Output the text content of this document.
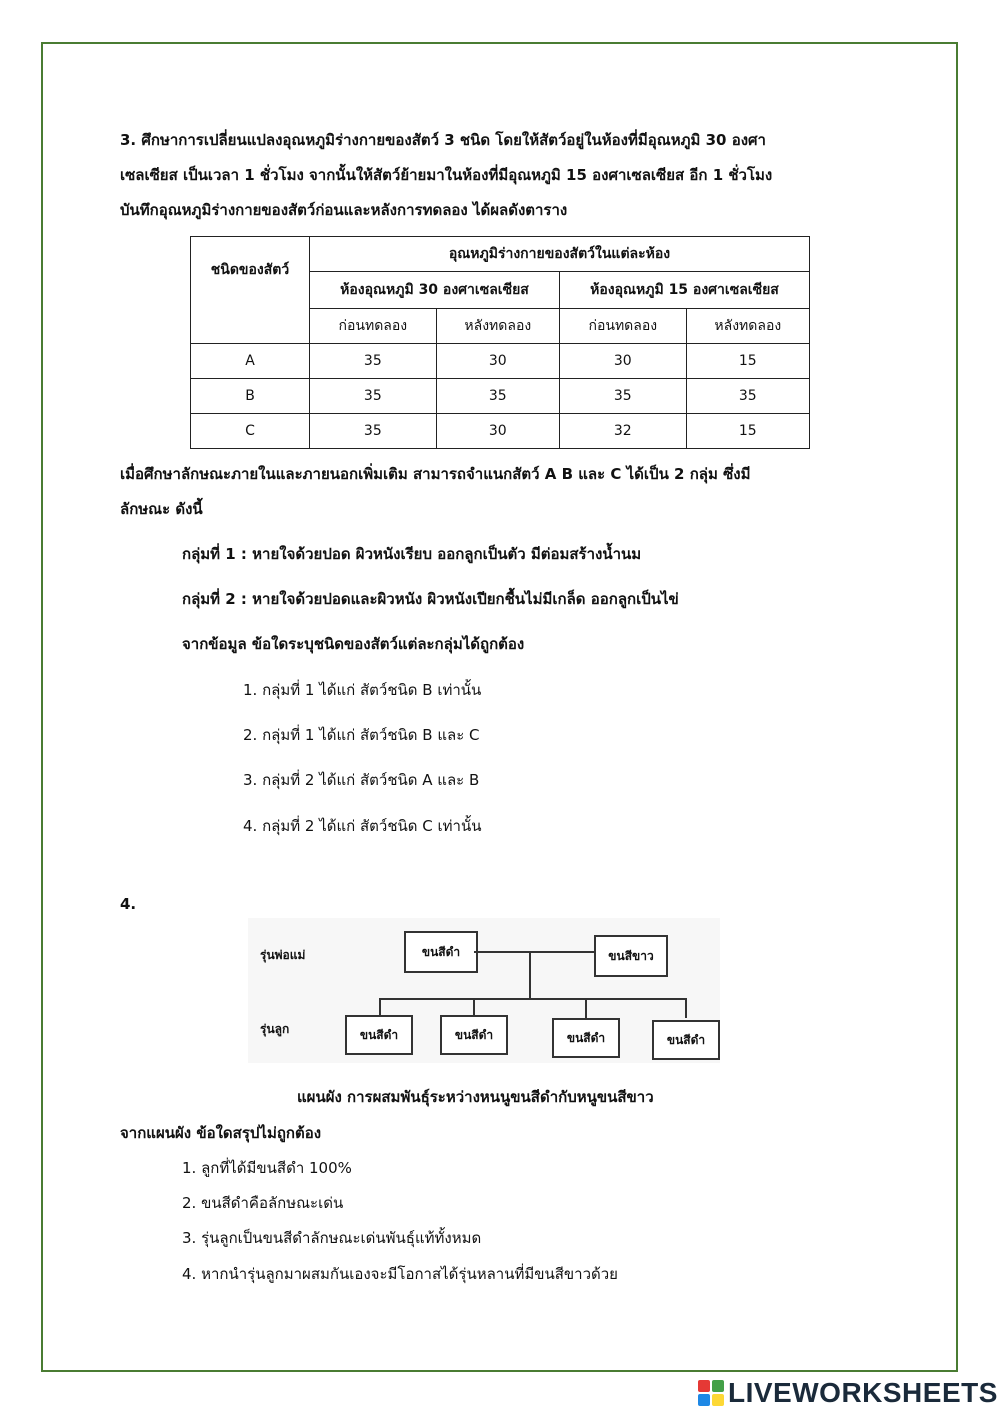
3. ศึกษาการเปลี่ยนแปลงอุณหภูมิร่างกายของสัตว์ 3 ชนิด โดยให้สัตว์อยู่ในห้องที่มีอุณหภูมิ 30 องศา
เซลเซียส เป็นเวลา 1 ชั่วโมง จากนั้นให้สัตว์ย้ายมาในห้องที่มีอุณหภูมิ 15 องศาเซลเซียส อีก 1 ชั่วโมง
บันทึกอุณหภูมิร่างกายของสัตว์ก่อนและหลังการทดลอง ได้ผลดังตาราง
ชนิดของสัตว์	อุณหภูมิร่างกายของสัตว์ในแต่ละห้อง			
	ห้องอุณหภูมิ 30 องศาเซลเซียส		ห้องอุณหภูมิ 15 องศาเซลเซียส	
	ก่อนทดลอง	หลังทดลอง	ก่อนทดลอง	หลังทดลอง
A	35	30	30	15
B	35	35	35	35
C	35	30	32	15
เมื่อศึกษาลักษณะภายในและภายนอกเพิ่มเติม สามารถจำแนกสัตว์ A B และ C ได้เป็น 2 กลุ่ม ซึ่งมี
ลักษณะ ดังนี้
กลุ่มที่ 1 : หายใจด้วยปอด ผิวหนังเรียบ ออกลูกเป็นตัว มีต่อมสร้างน้ำนม
กลุ่มที่ 2 : หายใจด้วยปอดและผิวหนัง ผิวหนังเปียกชื้นไม่มีเกล็ด ออกลูกเป็นไข่
จากข้อมูล ข้อใดระบุชนิดของสัตว์แต่ละกลุ่มได้ถูกต้อง
1. กลุ่มที่ 1 ได้แก่ สัตว์ชนิด B เท่านั้น
2. กลุ่มที่ 1 ได้แก่ สัตว์ชนิด B และ C
3. กลุ่มที่ 2 ได้แก่ สัตว์ชนิด A และ B
4. กลุ่มที่ 2 ได้แก่ สัตว์ชนิด C เท่านั้น
4.
รุ่นพ่อแม่
รุ่นลูก
ขนสีดำ	ขนสีขาว
ขนสีดำ	ขนสีดำ	ขนสีดำ	ขนสีดำ
แผนผัง การผสมพันธุ์ระหว่างหนนูขนสีดำกับหนูขนสีขาว
จากแผนผัง ข้อใดสรุปไม่ถูกต้อง
1. ลูกที่ได้มีขนสีดำ 100%
2. ขนสีดำคือลักษณะเด่น
3. รุ่นลูกเป็นขนสีดำลักษณะเด่นพันธุ์แท้ทั้งหมด
4. หากนำรุ่นลูกมาผสมกันเองจะมีโอกาสได้รุ่นหลานที่มีขนสีขาวด้วย
LIVEWORKSHEETS
